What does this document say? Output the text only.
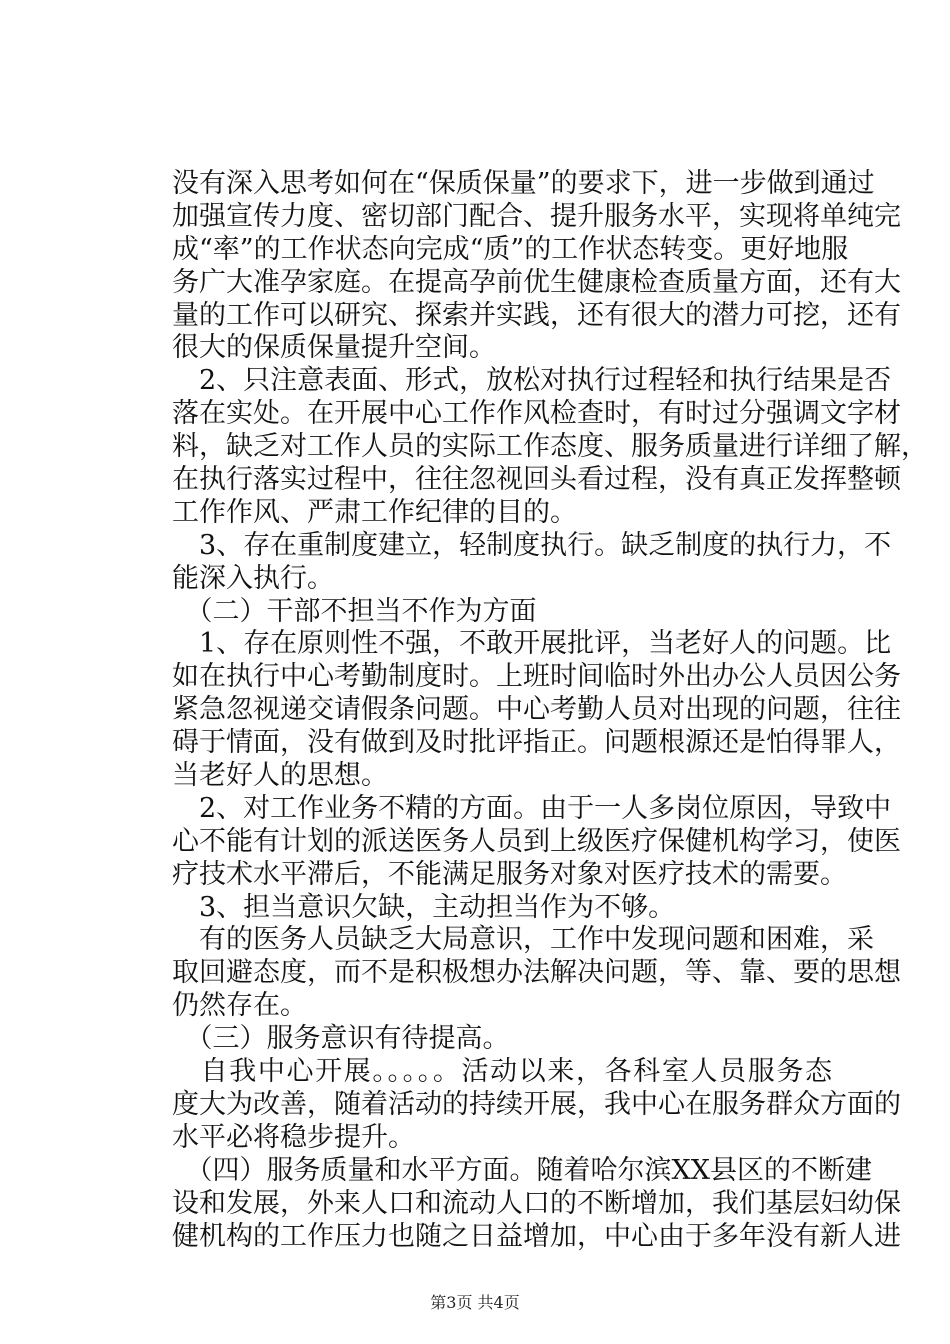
没有深入思考如何在“保质保量”的要求下，进一步做到通过
加强宣传力度、密切部门配合、提升服务水平，实现将单纯完
成“率”的工作状态向完成“质”的工作状态转变。更好地服
务广大准孕家庭。在提高孕前优生健康检查质量方面，还有大
量的工作可以研究、探索并实践，还有很大的潜力可挖，还有
很大的保质保量提升空间。
　2、只注意表面、形式，放松对执行过程轻和执行结果是否
落在实处。在开展中心工作作风检查时，有时过分强调文字材
料，缺乏对工作人员的实际工作态度、服务质量进行详细了解，
在执行落实过程中，往往忽视回头看过程，没有真正发挥整顿
工作作风、严肃工作纪律的目的。
　3、存在重制度建立，轻制度执行。缺乏制度的执行力，不
能深入执行。
　（二）干部不担当不作为方面
　1、存在原则性不强，不敢开展批评，当老好人的问题。比
如在执行中心考勤制度时。上班时间临时外出办公人员因公务
紧急忽视递交请假条问题。中心考勤人员对出现的问题，往往
碍于情面，没有做到及时批评指正。问题根源还是怕得罪人，
当老好人的思想。
　2、对工作业务不精的方面。由于一人多岗位原因，导致中
心不能有计划的派送医务人员到上级医疗保健机构学习，使医
疗技术水平滞后，不能满足服务对象对医疗技术的需要。
　3、担当意识欠缺，主动担当作为不够。
　有的医务人员缺乏大局意识，工作中发现问题和困难，采
取回避态度，而不是积极想办法解决问题，等、靠、要的思想
仍然存在。
　（三）服务意识有待提高。
　自我中心开展。。。。。活动以来，各科室人员服务态
度大为改善，随着活动的持续开展，我中心在服务群众方面的
水平必将稳步提升。
　（四）服务质量和水平方面。随着哈尔滨XX县区的不断建
设和发展，外来人口和流动人口的不断增加，我们基层妇幼保
健机构的工作压力也随之日益增加，中心由于多年没有新人进
第3页 共4页
